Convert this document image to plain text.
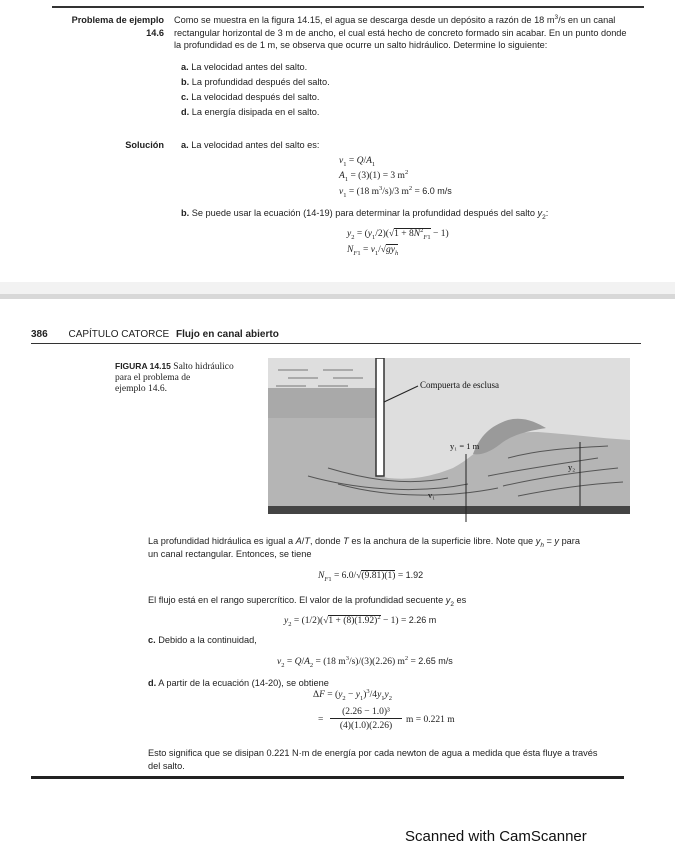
Problema de ejemplo
14.6
Como se muestra en la figura 14.15, el agua se descarga desde un depósito a razón de 18 $m^3/s$ en un canal
rectangular horizontal de 3 m de ancho, el cual está hecho de concreto formado sin acabar. En un punto donde
la profundidad es de 1 m, se observa que ocurre un salto hidráulico. Determine lo siguiente:
a. La velocidad antes del salto.
b. La profundidad después del salto.
c. La velocidad después del salto.
d. La energía disipada en el salto.
Solución a. La velocidad antes del salto es:
$v_1 = Q/A_1$
$A_1 = (3)(1) = 3$ $m^2$
$v_1 = (18$ $m^3/s)/3$ $m^2 = 6.0$ m/s
b. Se puede usar la ecuación (14-19) para determinar la profundidad después del salto $y_2$:
$y_2 = (y_1/2)(√1 + 8N^2_{F1} - 1)$
$N_{F1} = v_1/√gy_h$
386 CAPÍTULO CATORCE Flujo en canal abierto
FIGURA 14.15 Salto hidráulico
para el problema de
ejemplo 14.6.	Compuerta de esclusa
y₁ = 1 m
y₂
v₁
La profundidad hidráulica es igual a A/T, donde T es la anchura de la superficie libre. Note que $y_h = y$ para
un canal rectangular. Entonces, se tiene
$N_{F1} = 6.0/√(9.81)(1) = 1.92$
El flujo está en el rango supercrítico. El valor de la profundidad secuente $y_2$ es
$y_2 = (1/2)(√1 + (8)(1.92)^2 - 1) = 2.26$ m
c. Debido a la continuidad,
$v_2 = Q/A_2 = (18$ $m^3/s)/(3)(2.26)$ $m^2 = 2.65$ m/s
d. A partir de la ecuación (14-20), se obtiene
$\Delta F = (y_2 - y_1)^3/4y_1y_2$
=
(2.26 − 1.0)³
(4)(1.0)(2.26)
m = 0.221 m
Esto significa que se disipan 0.221 N·m de energía por cada newton de agua a medida que ésta fluye a través
del salto.
Scanned with CamScanner
